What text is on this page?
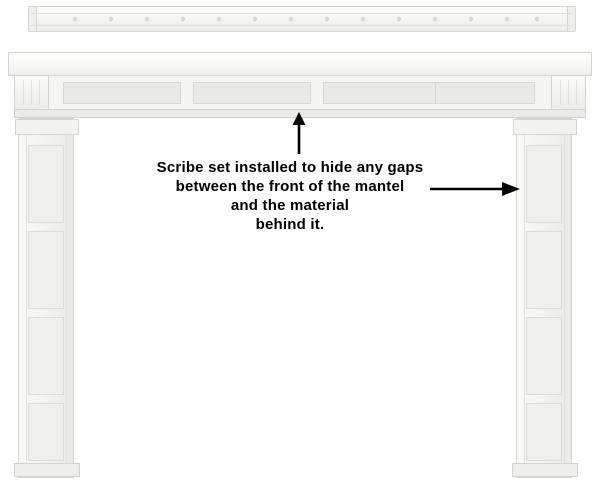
Scribe set installed to hide any gaps
between the front of the mantel
and the material
behind it.
